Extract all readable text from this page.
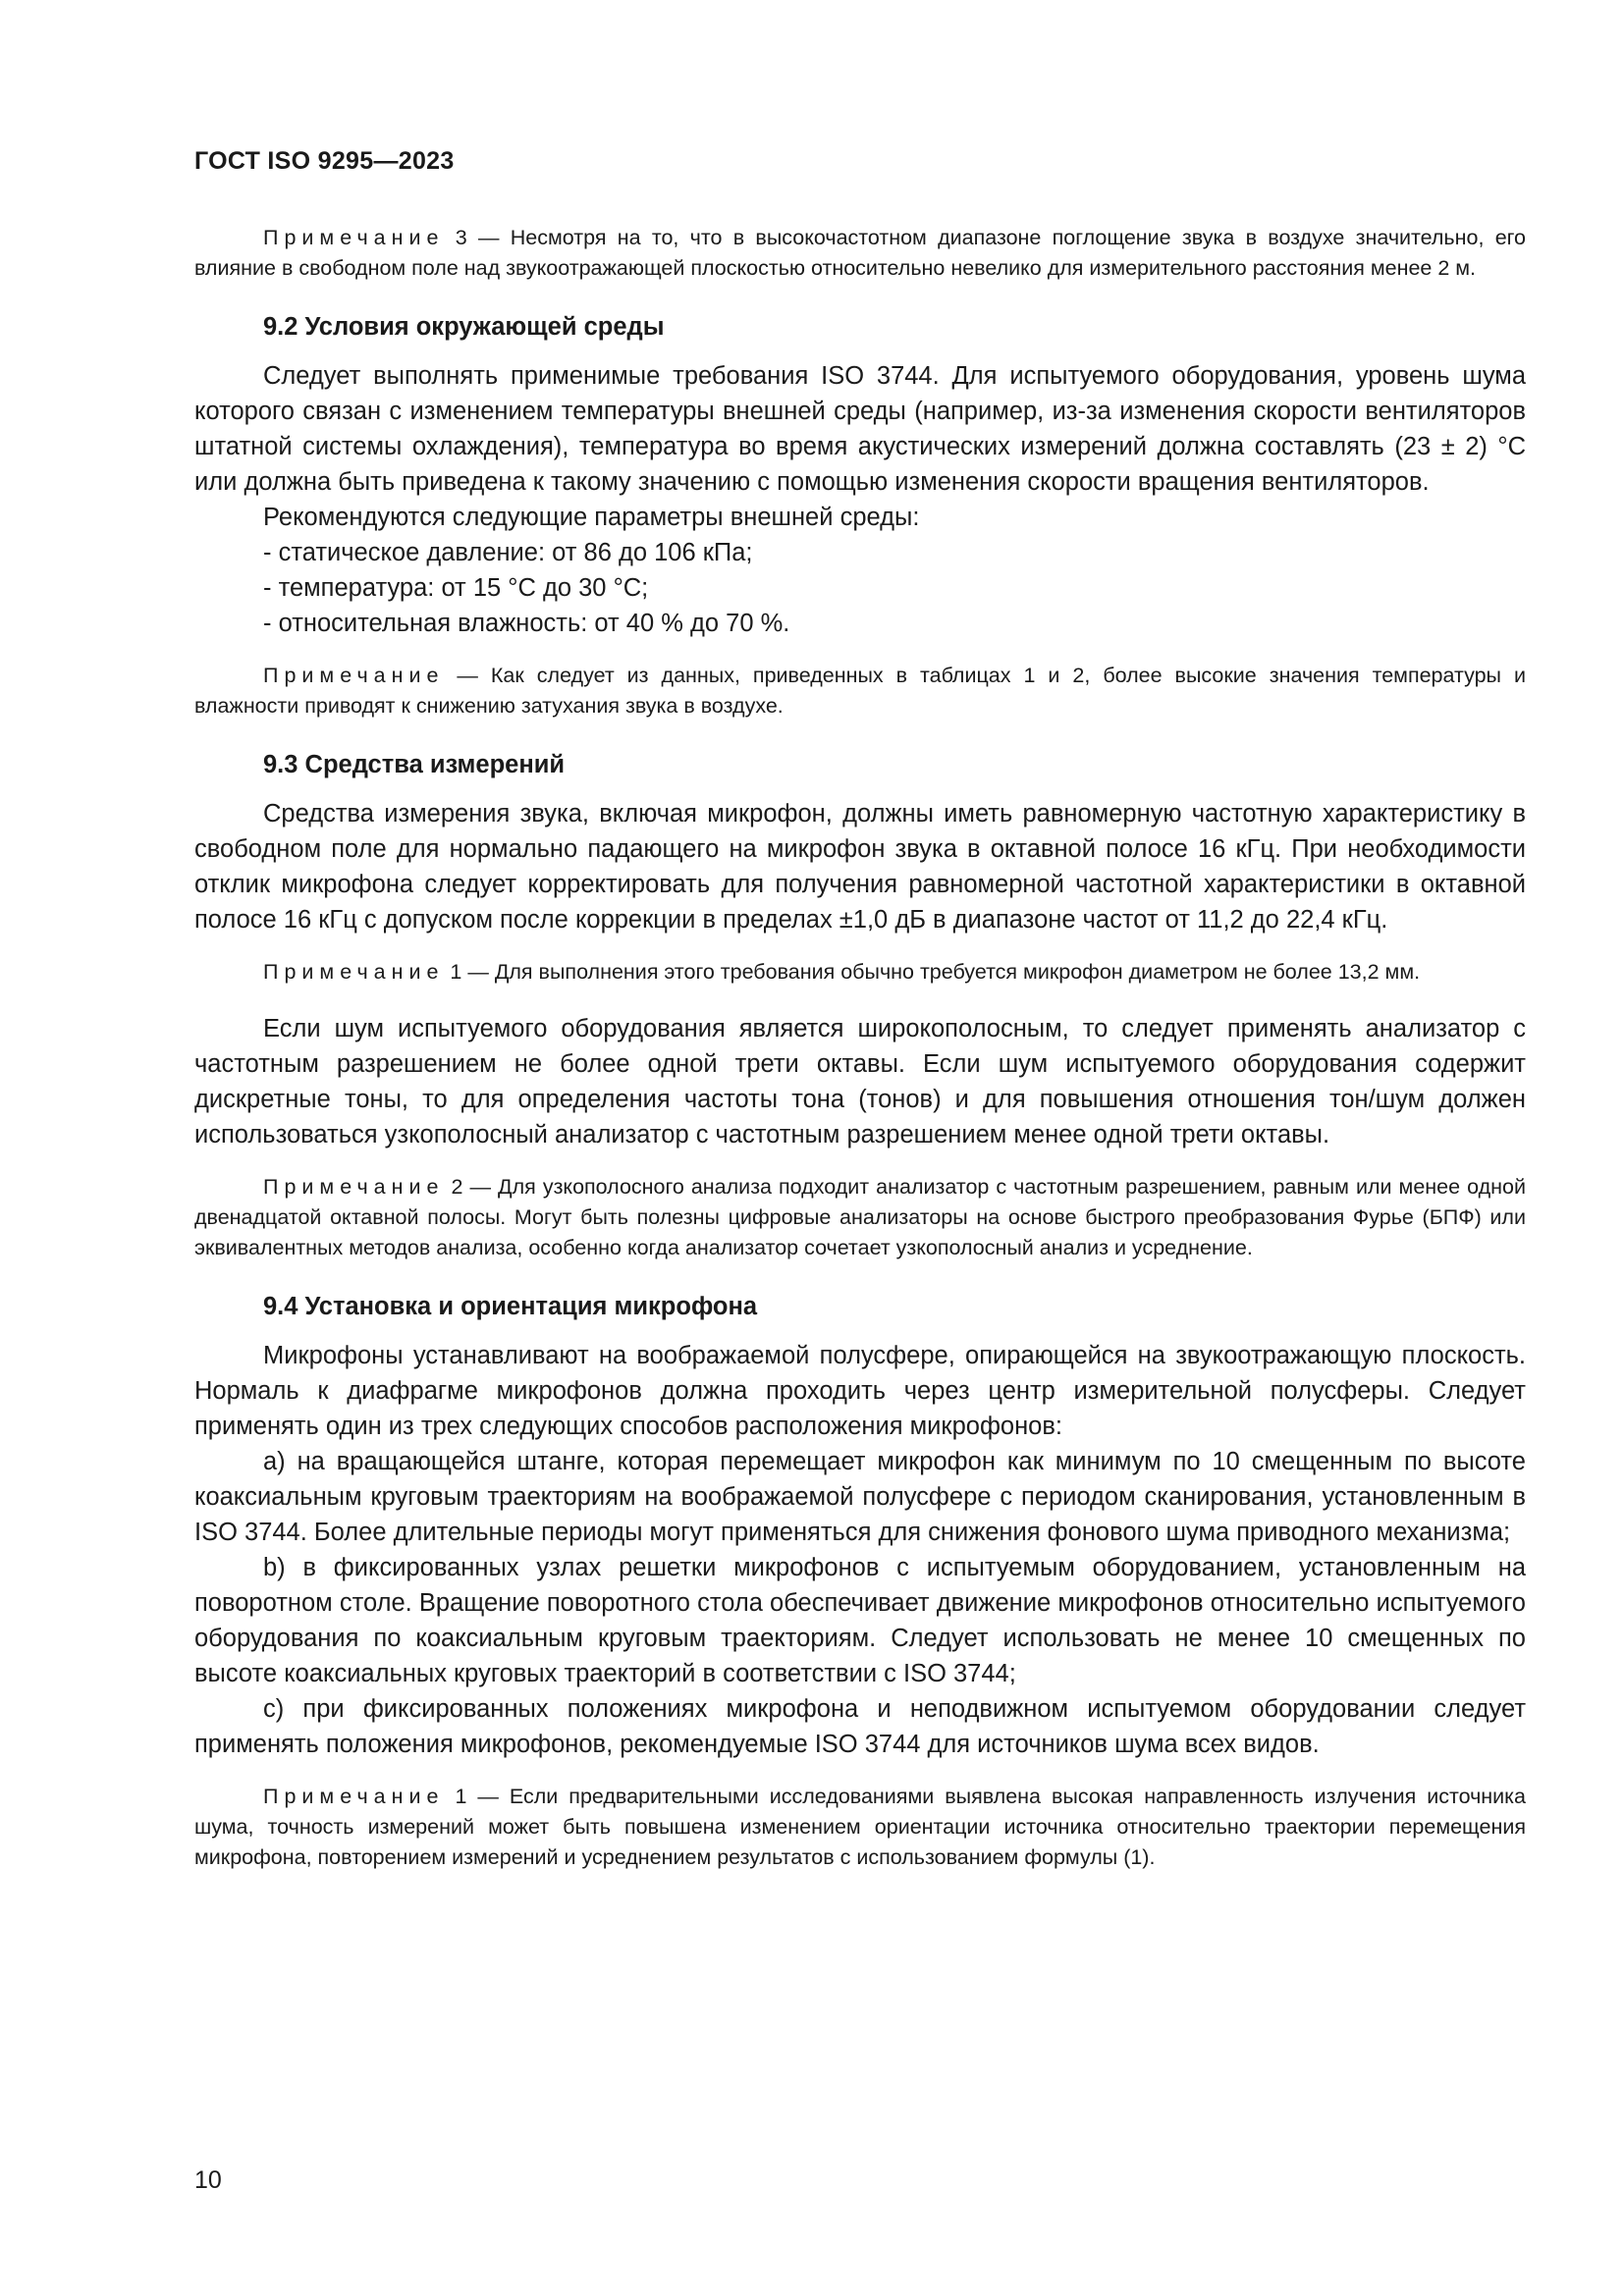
ГОСТ ISO 9295—2023

Примечание 3 — Несмотря на то, что в высокочастотном диапазоне поглощение звука в воздухе значительно, его влияние в свободном поле над звукоотражающей плоскостью относительно невелико для измерительного расстояния менее 2 м.

9.2 Условия окружающей среды

Следует выполнять применимые требования ISO 3744. Для испытуемого оборудования, уровень шума которого связан с изменением температуры внешней среды (например, из-за изменения скорости вентиляторов штатной системы охлаждения), температура во время акустических измерений должна составлять (23 ± 2) °C или должна быть приведена к такому значению с помощью изменения скорости вращения вентиляторов.

Рекомендуются следующие параметры внешней среды:

- статическое давление: от 86 до 106 кПа;

- температура: от 15 °C до 30 °C;

- относительная влажность: от 40 % до 70 %.

Примечание — Как следует из данных, приведенных в таблицах 1 и 2, более высокие значения температуры и влажности приводят к снижению затухания звука в воздухе.

9.3 Средства измерений

Средства измерения звука, включая микрофон, должны иметь равномерную частотную характеристику в свободном поле для нормально падающего на микрофон звука в октавной полосе 16 кГц. При необходимости отклик микрофона следует корректировать для получения равномерной частотной характеристики в октавной полосе 16 кГц с допуском после коррекции в пределах ±1,0 дБ в диапазоне частот от 11,2 до 22,4 кГц.

Примечание 1 — Для выполнения этого требования обычно требуется микрофон диаметром не более 13,2 мм.

Если шум испытуемого оборудования является широкополосным, то следует применять анализатор с частотным разрешением не более одной трети октавы. Если шум испытуемого оборудования содержит дискретные тоны, то для определения частоты тона (тонов) и для повышения отношения тон/шум должен использоваться узкополосный анализатор с частотным разрешением менее одной трети октавы.

Примечание 2 — Для узкополосного анализа подходит анализатор с частотным разрешением, равным или менее одной двенадцатой октавной полосы. Могут быть полезны цифровые анализаторы на основе быстрого преобразования Фурье (БПФ) или эквивалентных методов анализа, особенно когда анализатор сочетает узкополосный анализ и усреднение.

9.4 Установка и ориентация микрофона

Микрофоны устанавливают на воображаемой полусфере, опирающейся на звукоотражающую плоскость. Нормаль к диафрагме микрофонов должна проходить через центр измерительной полусферы. Следует применять один из трех следующих способов расположения микрофонов:

a) на вращающейся штанге, которая перемещает микрофон как минимум по 10 смещенным по высоте коаксиальным круговым траекториям на воображаемой полусфере с периодом сканирования, установленным в ISO 3744. Более длительные периоды могут применяться для снижения фонового шума приводного механизма;

b) в фиксированных узлах решетки микрофонов с испытуемым оборудованием, установленным на поворотном столе. Вращение поворотного стола обеспечивает движение микрофонов относительно испытуемого оборудования по коаксиальным круговым траекториям. Следует использовать не менее 10 смещенных по высоте коаксиальных круговых траекторий в соответствии с ISO 3744;

c) при фиксированных положениях микрофона и неподвижном испытуемом оборудовании следует применять положения микрофонов, рекомендуемые ISO 3744 для источников шума всех видов.

Примечание 1 — Если предварительными исследованиями выявлена высокая направленность излучения источника шума, точность измерений может быть повышена изменением ориентации источника относительно траектории перемещения микрофона, повторением измерений и усреднением результатов с использованием формулы (1).

10
